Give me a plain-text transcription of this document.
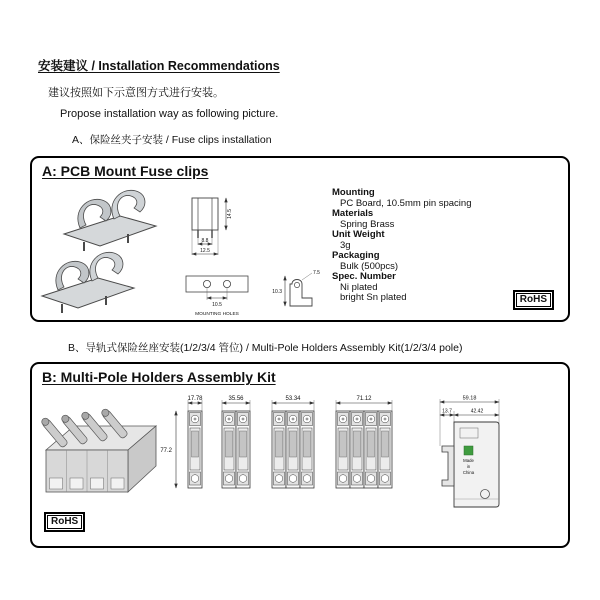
安装建议 / Installation Recommendations
建议按照如下示意图方式进行安装。
Propose installation way as following picture.
A、保险丝夹子安装 / Fuse clips installation
A: PCB Mount Fuse clips
8.8
12.5
14.5
10.5
MOUNTING HOLES
7.5
10.3
Mounting
PC Board, 10.5mm pin spacing
Materials
Spring Brass
Unit Weight
3g
Packaging
Bulk (500pcs)
Spec. Number
Ni plated
bright Sn plated	RoHS
B、导轨式保险丝座安装(1/2/3/4 管位) / Multi-Pole Holders Assembly Kit(1/2/3/4 pole)
B: Multi-Pole Holders Assembly Kit
77.2
17.78	35.56	53.34	71.12	59.18
13.7	42.42
Made
in
China
RoHS
